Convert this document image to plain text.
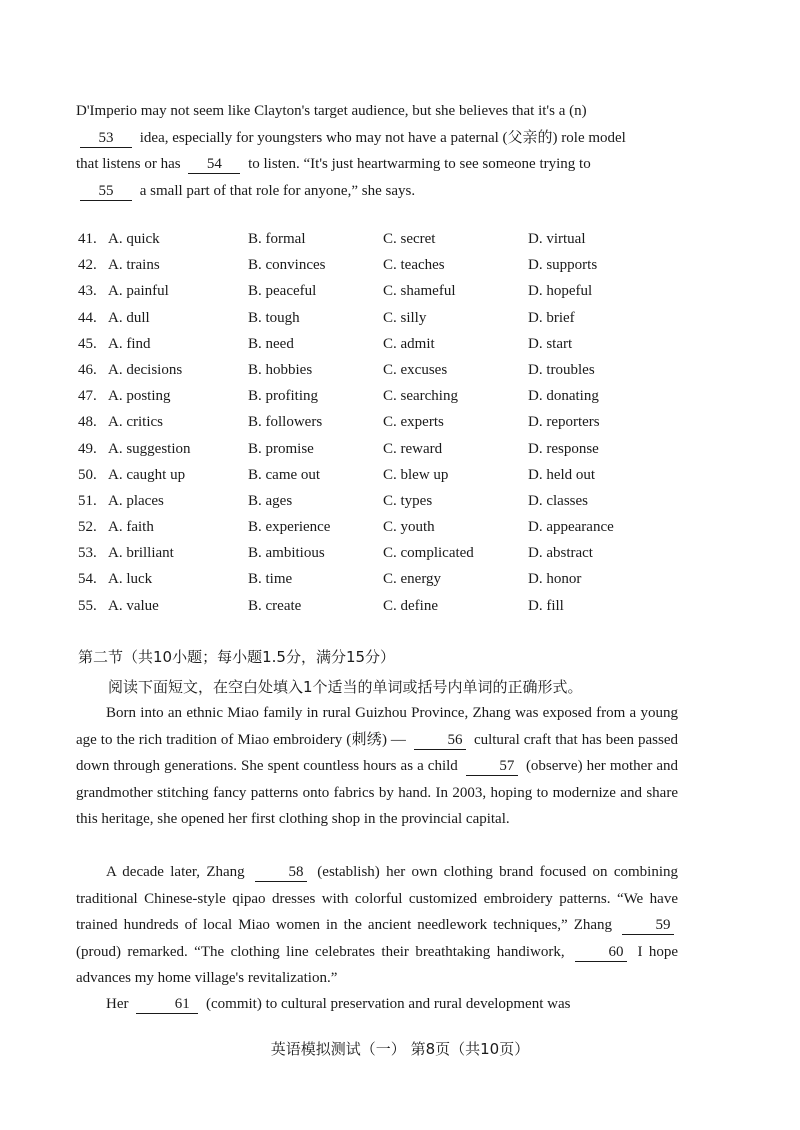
D'Imperio may not seem like Clayton's target audience, but she believes that it's a (n)
53 idea, especially for youngsters who may not have a paternal (父亲的) role model
that listens or has 54 to listen. “It's just heartwarming to see someone trying to
55 a small part of that role for anyone,” she says.
41. A. quick	B. formal	C. secret	D. virtual
42. A. trains	B. convinces	C. teaches	D. supports
43. A. painful	B. peaceful	C. shameful	D. hopeful
44. A. dull	B. tough	C. silly	D. brief
45. A. find	B. need	C. admit	D. start
46. A. decisions	B. hobbies	C. excuses	D. troubles
47. A. posting	B. profiting	C. searching	D. donating
48. A. critics	B. followers	C. experts	D. reporters
49. A. suggestion	B. promise	C. reward	D. response
50. A. caught up	B. came out	C. blew up	D. held out
51. A. places	B. ages	C. types	D. classes
52. A. faith	B. experience	C. youth	D. appearance
53. A. brilliant	B. ambitious	C. complicated	D. abstract
54. A. luck	B. time	C. energy	D. honor
55. A. value	B. create	C. define	D. fill
第二节（共10小题；每小题1.5分，满分15分）
阅读下面短文，在空白处填入1个适当的单词或括号内单词的正确形式。
Born into an ethnic Miao family in rural Guizhou Province, Zhang was exposed from a young age to the rich tradition of Miao embroidery (刺绣) —	56 cultural craft that has been passed down through generations. She spent countless hours as a child	57 (observe) her mother and grandmother stitching fancy patterns onto fabrics by hand. In 2003, hoping to modernize and share this heritage, she opened her first clothing shop in the provincial capital.
A decade later, Zhang	58 (establish) her own clothing brand focused on combining traditional Chinese-style qipao dresses with colorful customized embroidery patterns. “We have trained hundreds of local Miao women in the ancient needlework techniques,” Zhang	59 (proud) remarked. “The clothing line celebrates their breathtaking handiwork,	60 I hope advances my home village's revitalization.”
Her	61 (commit) to cultural preservation and rural development was
英语模拟测试（一） 第8页（共10页）
